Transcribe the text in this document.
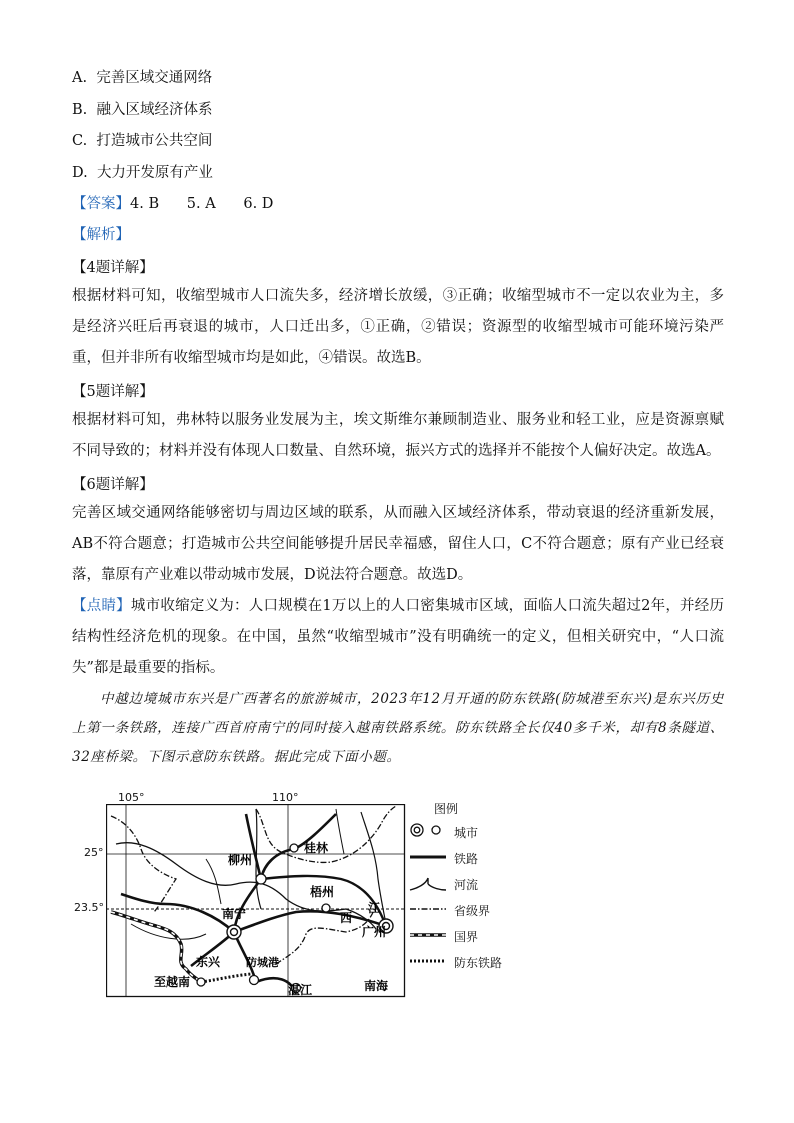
A. 完善区域交通网络
B. 融入区域经济体系
C. 打造城市公共空间
D. 大力开发原有产业
【答案】4. B 5. A 6. D
【解析】
【4题详解】
根据材料可知，收缩型城市人口流失多，经济增长放缓，③正确；收缩型城市不一定以农业为主，多是经济兴旺后再衰退的城市，人口迁出多，①正确，②错误；资源型的收缩型城市可能环境污染严重，但并非所有收缩型城市均是如此，④错误。故选B。
【5题详解】
根据材料可知，弗林特以服务业发展为主，埃文斯维尔兼顾制造业、服务业和轻工业，应是资源禀赋不同导致的；材料并没有体现人口数量、自然环境，振兴方式的选择并不能按个人偏好决定。故选A。
【6题详解】
完善区域交通网络能够密切与周边区域的联系，从而融入区域经济体系，带动衰退的经济重新发展，AB不符合题意；打造城市公共空间能够提升居民幸福感，留住人口，C不符合题意；原有产业已经衰落，靠原有产业难以带动城市发展，D说法符合题意。故选D。
【点睛】城市收缩定义为：人口规模在1万以上的人口密集城市区域，面临人口流失超过2年，并经历结构性经济危机的现象。在中国，虽然“收缩型城市”没有明确统一的定义，但相关研究中，“人口流失”都是最重要的指标。
中越边境城市东兴是广西著名的旅游城市，2023年12月开通的防东铁路(防城港至东兴)是东兴历史上第一条铁路，连接广西首府南宁的同时接入越南铁路系统。防东铁路全长仅40多千米，却有8条隧道、32座桥梁。下图示意防东铁路。据此完成下面小题。
桂林
柳州
梧州
南宁
东兴 防城港
至越南
湛江	南海
江
西
广州
105°	110°
25°
23.5°
图例
城市
铁路
河流
省级界
国界
防东铁路
